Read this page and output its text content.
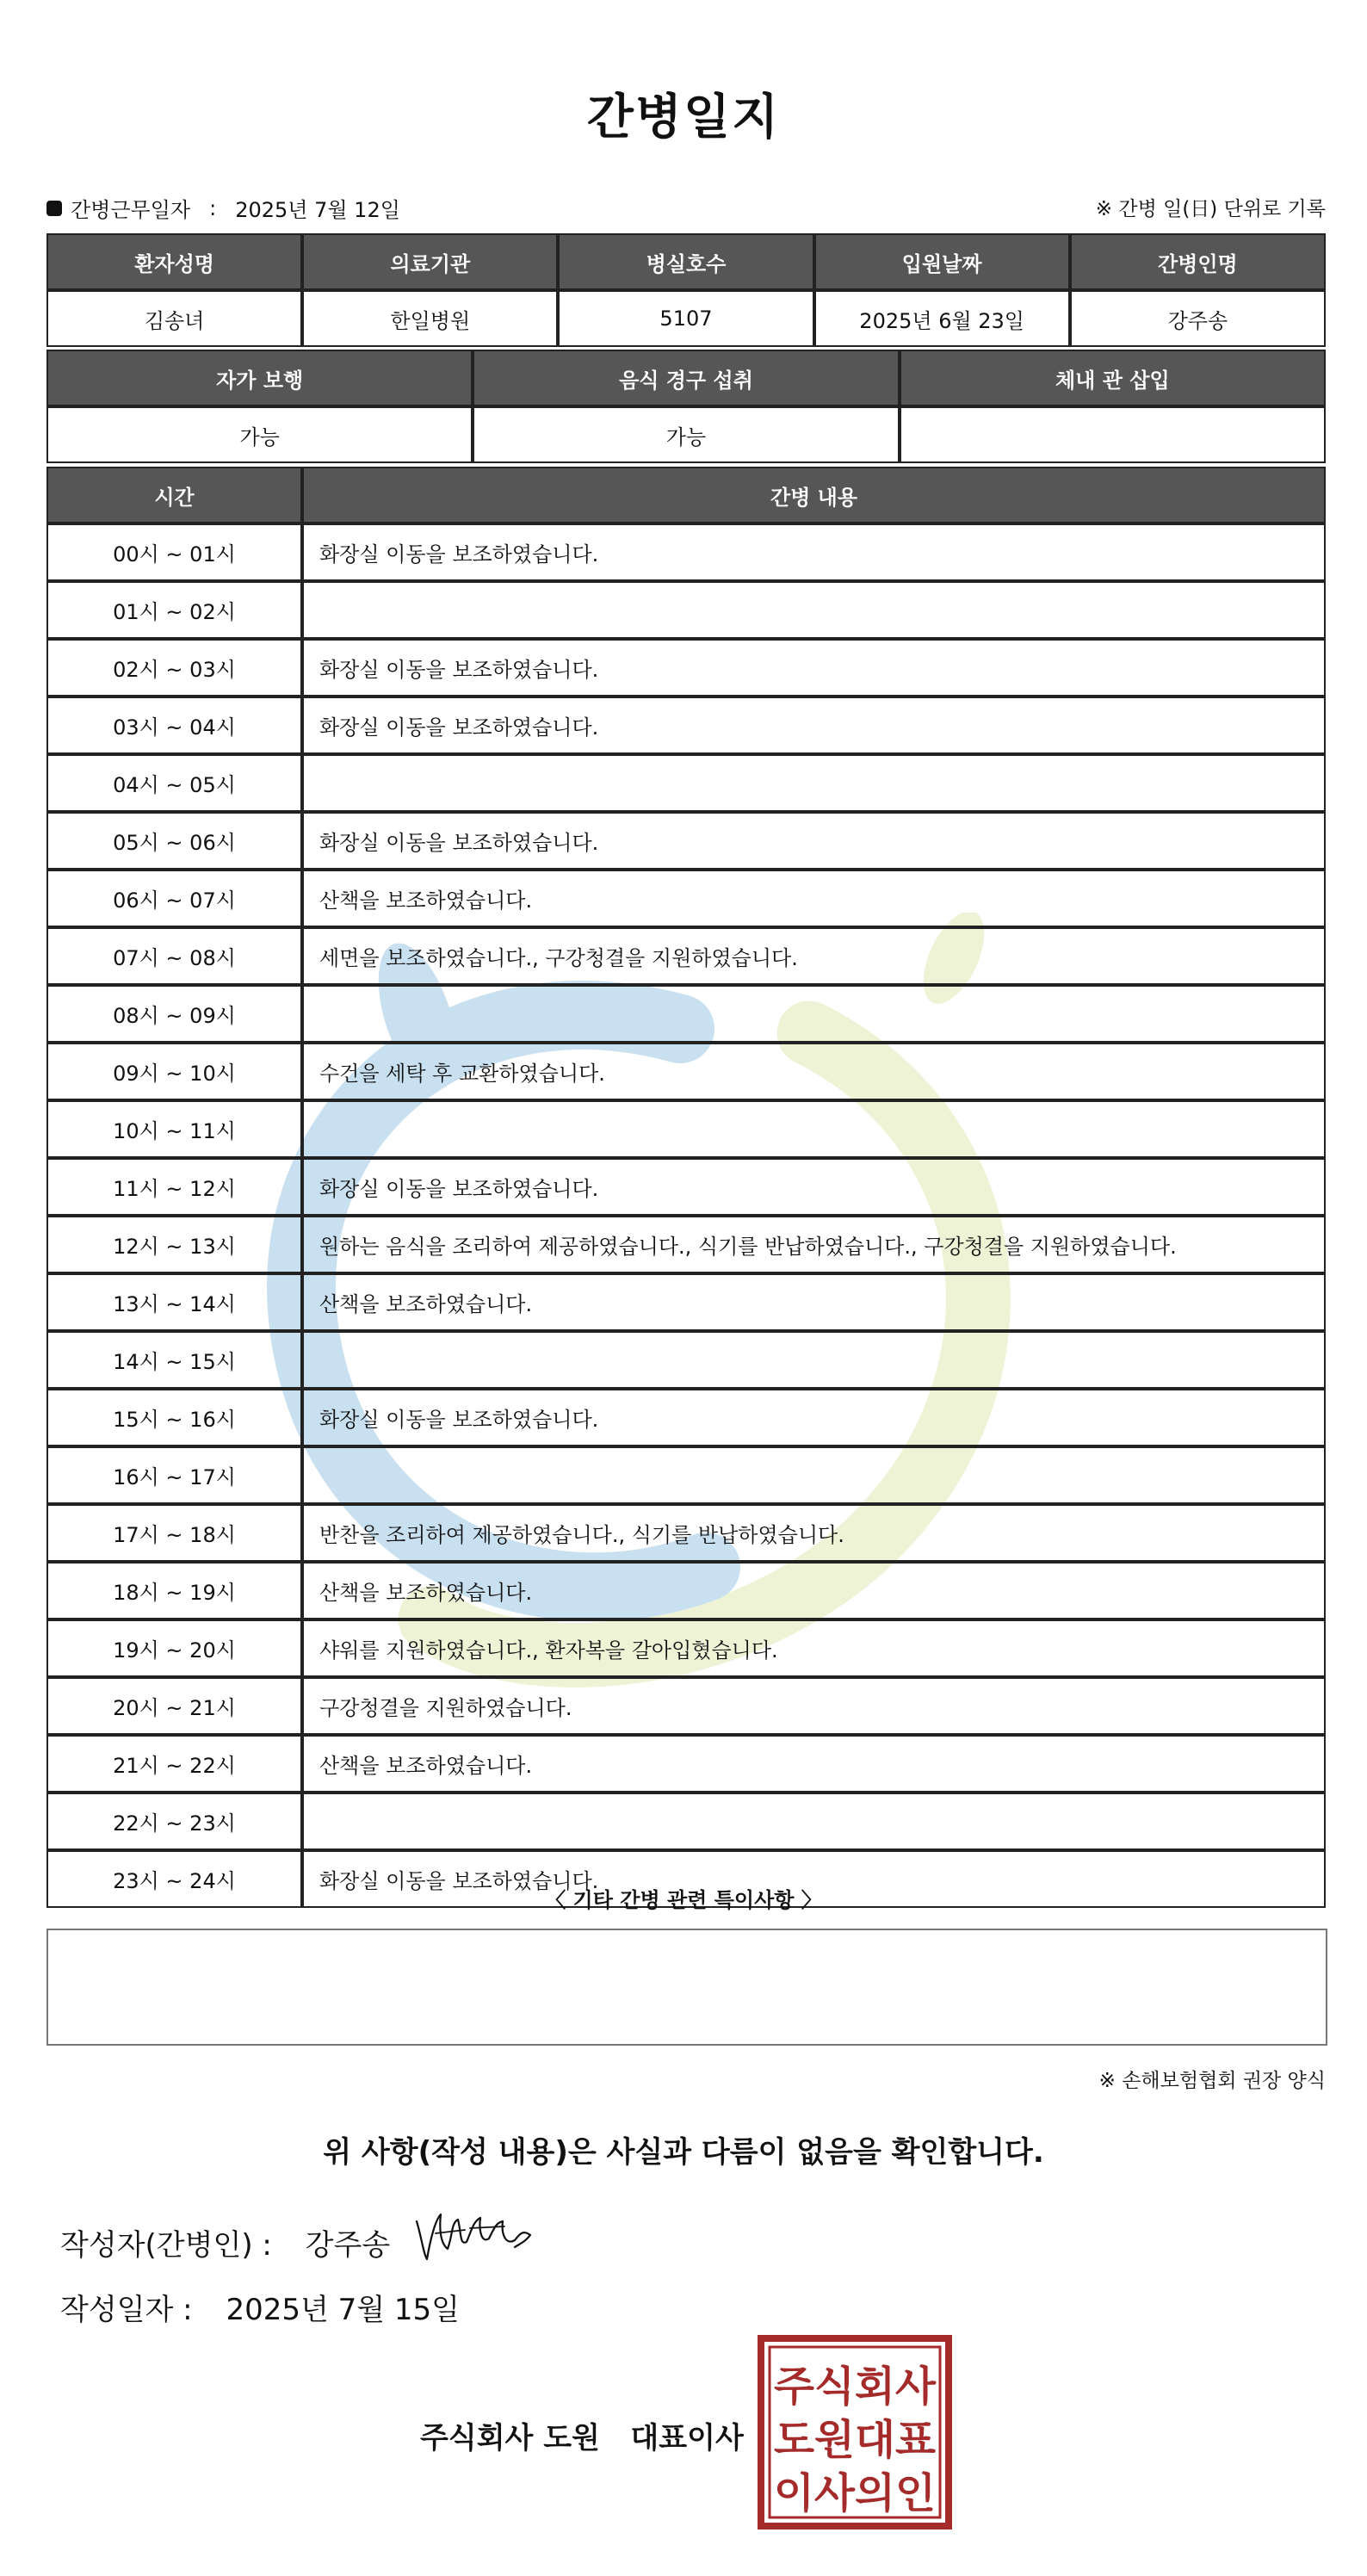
간병일지
간병근무일자 : 2025년 7월 12일	※ 간병 일(日) 단위로 기록
환자성명	의료기관	병실호수	입원날짜	간병인명
김송녀	한일병원	5107	2025년 6월 23일	강주송
자가 보행	음식 경구 섭취	체내 관 삽입
가능	가능	
시간	간병 내용
00시 ~ 01시	화장실 이동을 보조하였습니다.
01시 ~ 02시	
02시 ~ 03시	화장실 이동을 보조하였습니다.
03시 ~ 04시	화장실 이동을 보조하였습니다.
04시 ~ 05시	
05시 ~ 06시	화장실 이동을 보조하였습니다.
06시 ~ 07시	산책을 보조하였습니다.
07시 ~ 08시	세면을 보조하였습니다., 구강청결을 지원하였습니다.
08시 ~ 09시	
09시 ~ 10시	수건을 세탁 후 교환하였습니다.
10시 ~ 11시	
11시 ~ 12시	화장실 이동을 보조하였습니다.
12시 ~ 13시	원하는 음식을 조리하여 제공하였습니다., 식기를 반납하였습니다., 구강청결을 지원하였습니다.
13시 ~ 14시	산책을 보조하였습니다.
14시 ~ 15시	
15시 ~ 16시	화장실 이동을 보조하였습니다.
16시 ~ 17시	
17시 ~ 18시	반찬을 조리하여 제공하였습니다., 식기를 반납하였습니다.
18시 ~ 19시	산책을 보조하였습니다.
19시 ~ 20시	샤워를 지원하였습니다., 환자복을 갈아입혔습니다.
20시 ~ 21시	구강청결을 지원하였습니다.
21시 ~ 22시	산책을 보조하였습니다.
22시 ~ 23시	
23시 ~ 24시	화장실 이동을 보조하였습니다.
〈 기타 간병 관련 특이사항 〉
※ 손해보험협회 권장 양식
위 사항(작성 내용)은 사실과 다름이 없음을 확인합니다.
작성자(간병인) : 강주송
작성일자 : 2025년 7월 15일
주식회사 도원   대표이사
주식회사
도원대표
이사의인
